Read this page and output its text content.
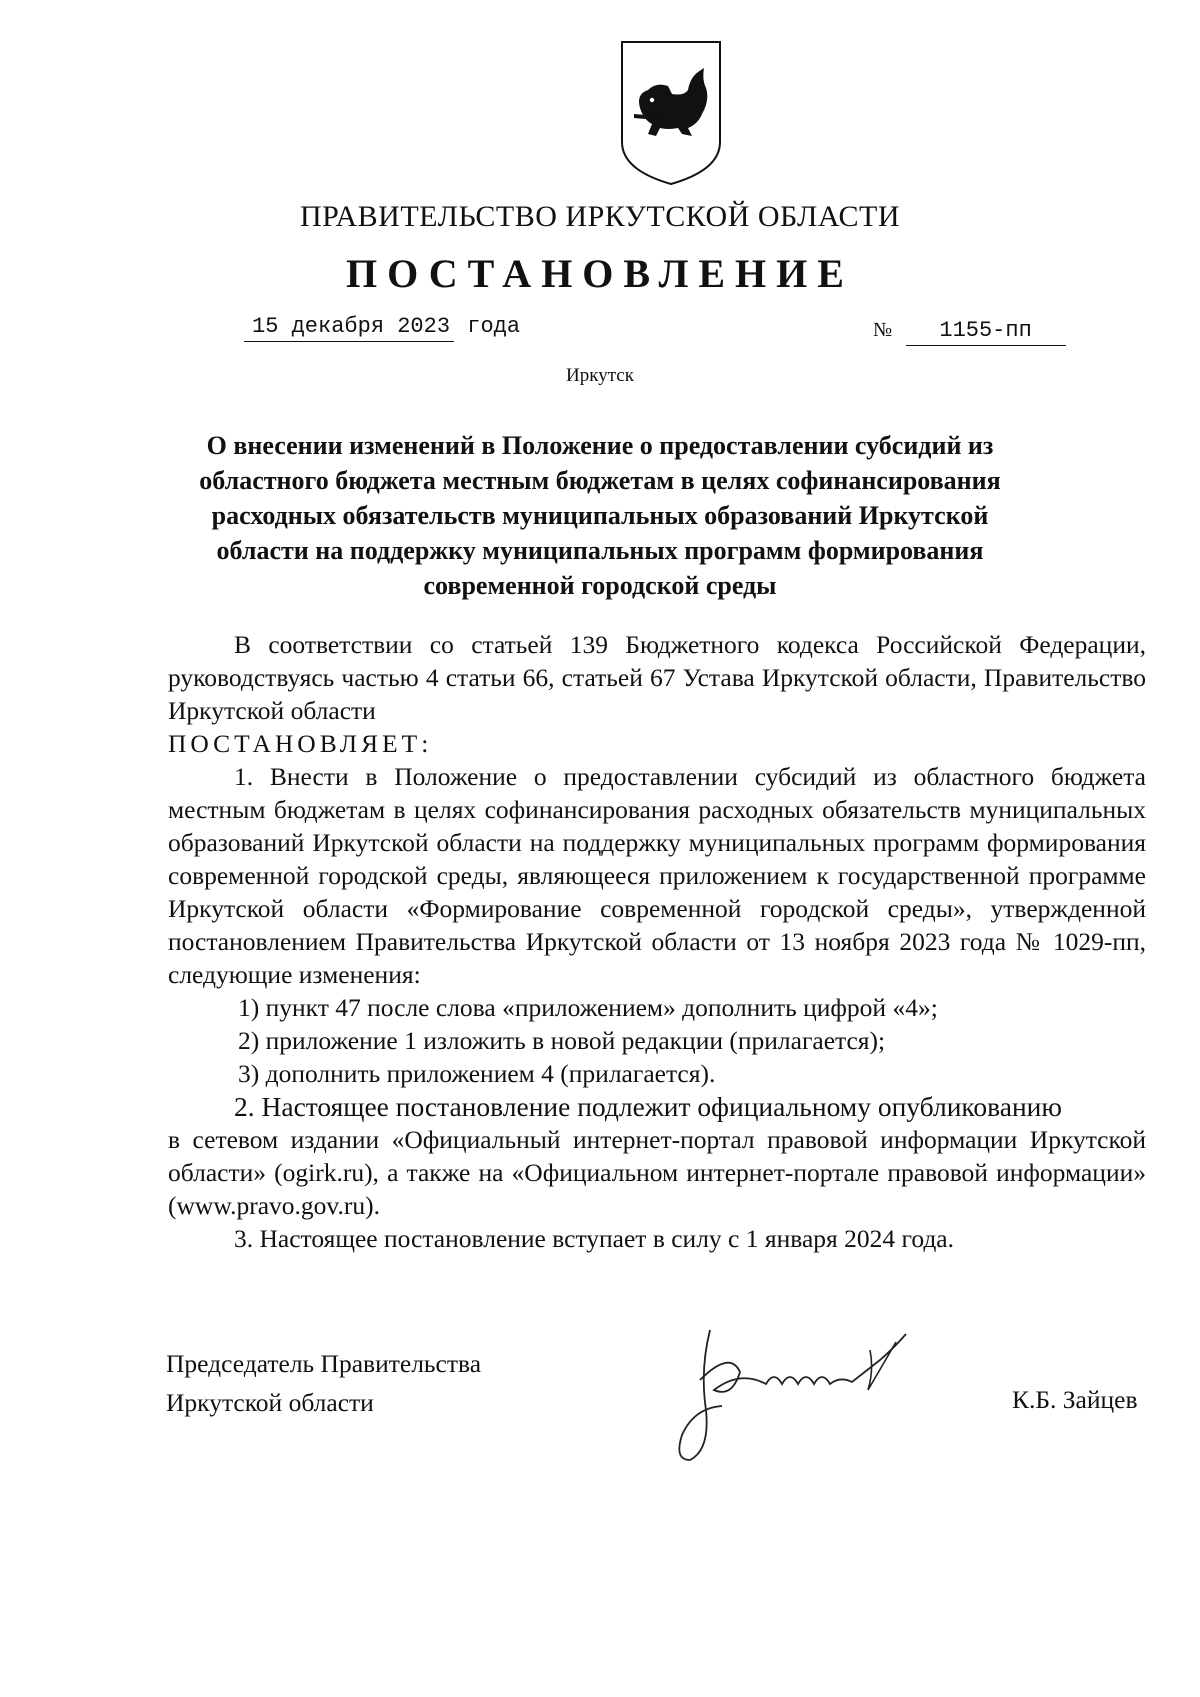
ПРАВИТЕЛЬСТВО ИРКУТСКОЙ ОБЛАСТИ
ПОСТАНОВЛЕНИЕ
15 декабря 2023 года	№ 1155-пп
Иркутск
О внесении изменений в Положение о предоставлении субсидий из областного бюджета местным бюджетам в целях софинансирования расходных обязательств муниципальных образований Иркутской области на поддержку муниципальных программ формирования современной городской среды

В соответствии со статьей 139 Бюджетного кодекса Российской Федерации, руководствуясь частью 4 статьи 66, статьей 67 Устава Иркутской области, Правительство Иркутской области

ПОСТАНОВЛЯЕТ:

1. Внести в Положение о предоставлении субсидий из областного бюджета местным бюджетам в целях софинансирования расходных обязательств муниципальных образований Иркутской области на поддержку муниципальных программ формирования современной городской среды, являющееся приложением к государственной программе Иркутской области «Формирование современной городской среды», утвержденной постановлением Правительства Иркутской области от 13 ноября 2023 года № 1029-пп, следующие изменения:

1) пункт 47 после слова «приложением» дополнить цифрой «4»;

2) приложение 1 изложить в новой редакции (прилагается);

3) дополнить приложением 4 (прилагается).

2. Настоящее постановление подлежит официальному опубликованию

в сетевом издании «Официальный интернет-портал правовой информации Иркутской области» (ogirk.ru), а также на «Официальном интернет-портале правовой информации» (www.pravo.gov.ru).

3. Настоящее постановление вступает в силу с 1 января 2024 года.

Председатель Правительства
Иркутской области	К.Б. Зайцев
